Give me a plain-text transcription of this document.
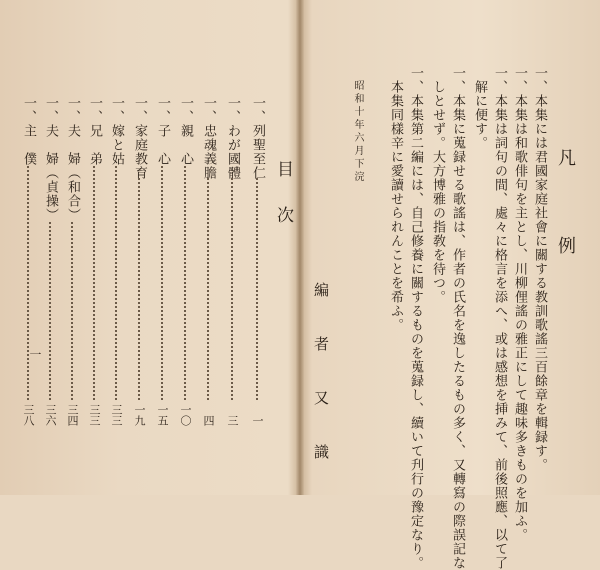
目　次
一、列聖至仁
一
一、わが國體
三
一、忠魂義膽
四
一、親　心
一〇
一、子　心
一五
一、家庭教育
一九
一、嫁と姑
三三
一、兄　弟
三三
一、夫　婦（和合）
三四
一、夫　婦（貞操）
三六
一、主　僕
三八
一
凡　例
一、本集には君國家庭社會に關する教訓歌謠三百餘章を輯録す。
一、本集は和歌俳句を主とし、川柳俚謠の雅正にして趣味多きものを加ふ。
一、本集は詞句の間、處々に格言を添へ、或は感想を挿みて、前後照應、以て了
解に便す。
一、本集に蒐録せる歌謠は、作者の氏名を逸したるもの多く、又轉寫の際誤記な
しとせず。大方博雅の指敎を待つ。
一、本集第二編には、自己修養に關するものを蒐録し、續いて刋行の豫定なり。
本集同樣辛に愛讀せられんことを希ふ。
昭和十年六月下浣
編　者　又　識
